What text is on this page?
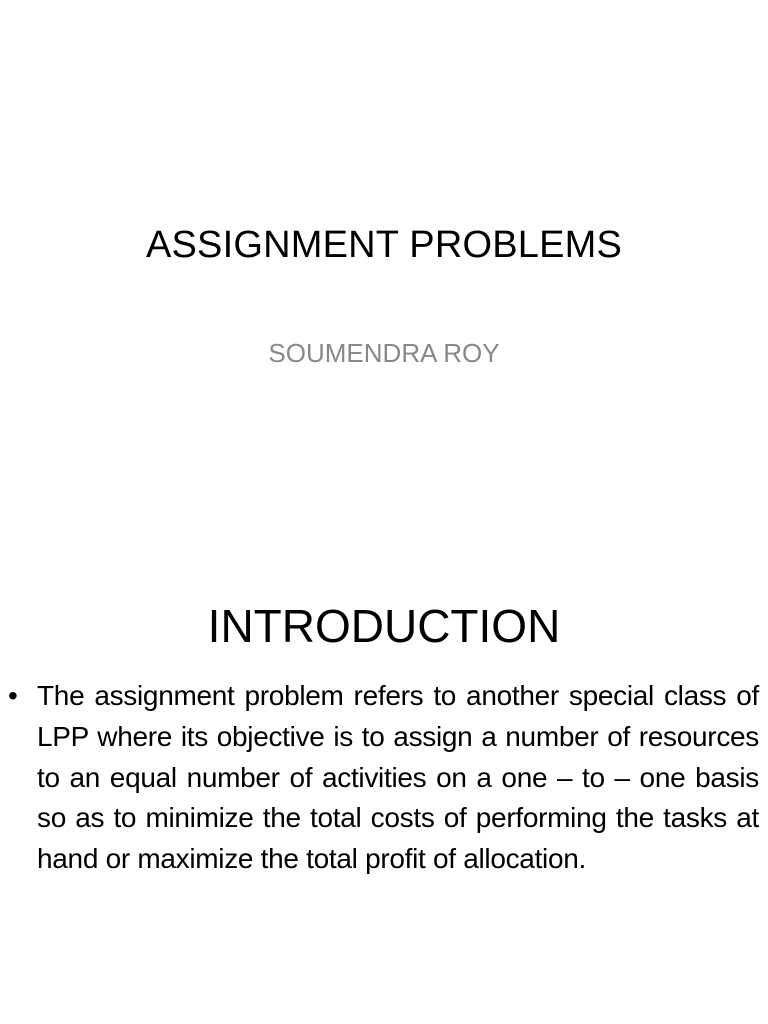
ASSIGNMENT PROBLEMS
SOUMENDRA ROY
INTRODUCTION
• The assignment problem refers to another special class of LPP where its objective is to assign a number of resources to an equal number of activities on a one – to – one basis so as to minimize the total costs of performing the tasks at hand or maximize the total profit of allocation.
